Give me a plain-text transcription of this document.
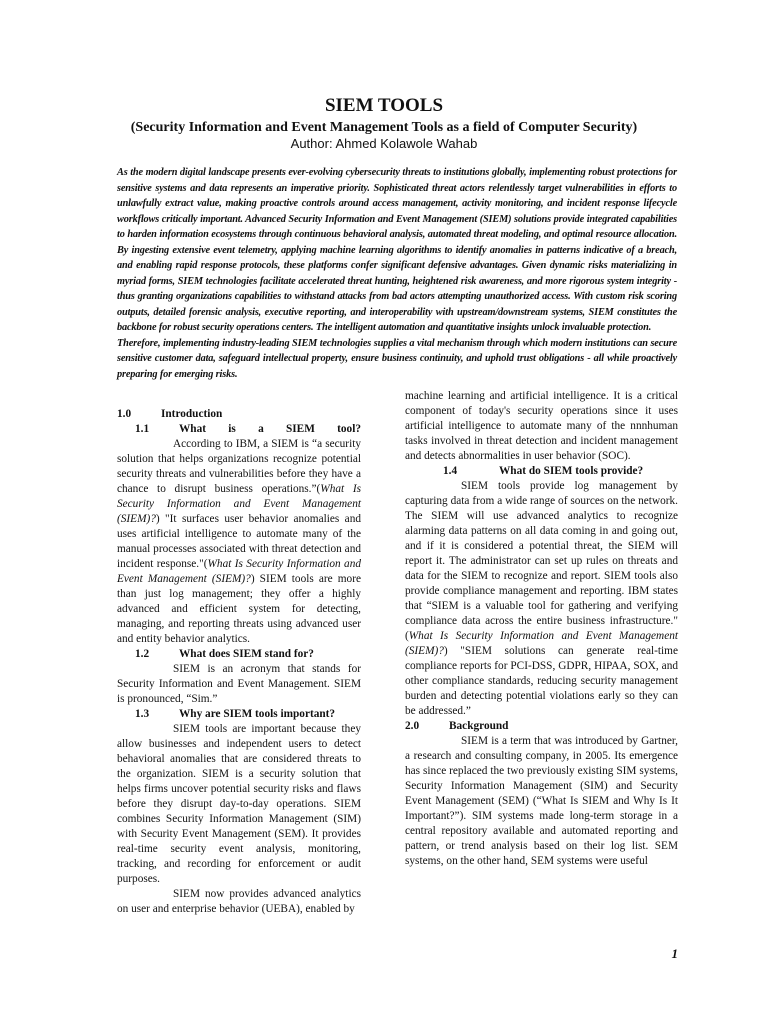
SIEM TOOLS
(Security Information and Event Management Tools as a field of Computer Security)
Author: Ahmed Kolawole Wahab

As the modern digital landscape presents ever-evolving cybersecurity threats to institutions globally, implementing robust protections for sensitive systems and data represents an imperative priority. Sophisticated threat actors relentlessly target vulnerabilities in efforts to unlawfully extract value, making proactive controls around access management, activity monitoring, and incident response lifecycle workflows critically important. Advanced Security Information and Event Management (SIEM) solutions provide integrated capabilities to harden information ecosystems through continuous behavioral analysis, automated threat modeling, and optimal resource allocation. By ingesting extensive event telemetry, applying machine learning algorithms to identify anomalies in patterns indicative of a breach, and enabling rapid response protocols, these platforms confer significant defensive advantages. Given dynamic risks materializing in myriad forms, SIEM technologies facilitate accelerated threat hunting, heightened risk awareness, and more rigorous system integrity - thus granting organizations capabilities to withstand attacks from bad actors attempting unauthorized access. With custom risk scoring outputs, detailed forensic analysis, executive reporting, and interoperability with upstream/downstream systems, SIEM constitutes the backbone for robust security operations centers. The intelligent automation and quantitative insights unlock invaluable protection.

Therefore, implementing industry-leading SIEM technologies supplies a vital mechanism through which modern institutions can secure sensitive customer data, safeguard intellectual property, ensure business continuity, and uphold trust obligations - all while proactively preparing for emerging risks.

1.0	Introduction
1.1	What is a SIEM tool?

According to IBM, a SIEM is “a security solution that helps organizations recognize potential security threats and vulnerabilities before they have a chance to disrupt business operations.”(What Is Security Information and Event Management (SIEM)?) "It surfaces user behavior anomalies and uses artificial intelligence to automate many of the manual processes associated with threat detection and incident response."(What Is Security Information and Event Management (SIEM)?) SIEM tools are more than just log management; they offer a highly advanced and efficient system for detecting, managing, and reporting threats using advanced user and entity behavior analytics.

1.2	What does SIEM stand for?

SIEM is an acronym that stands for Security Information and Event Management. SIEM is pronounced, “Sim.”

1.3	Why are SIEM tools important?

SIEM tools are important because they allow businesses and independent users to detect behavioral anomalies that are considered threats to the organization. SIEM is a security solution that helps firms uncover potential security risks and flaws before they disrupt day-to-day operations. SIEM combines Security Information Management (SIM) with Security Event Management (SEM). It provides real-time security event analysis, monitoring, tracking, and recording for enforcement or audit purposes.

SIEM now provides advanced analytics on user and enterprise behavior (UEBA), enabled by

machine learning and artificial intelligence. It is a critical component of today's security operations since it uses artificial intelligence to automate many of the nnnhuman tasks involved in threat detection and incident management and detects abnormalities in user behavior (SOC).

1.4	What do SIEM tools provide?

SIEM tools provide log management by capturing data from a wide range of sources on the network. The SIEM will use advanced analytics to recognize alarming data patterns on all data coming in and going out, and if it is considered a potential threat, the SIEM will report it. The administrator can set up rules on threats and data for the SIEM to recognize and report. SIEM tools also provide compliance management and reporting. IBM states that “SIEM is a valuable tool for gathering and verifying compliance data across the entire business infrastructure."(What Is Security Information and Event Management (SIEM)?) "SIEM solutions can generate real-time compliance reports for PCI-DSS, GDPR, HIPAA, SOX, and other compliance standards, reducing security management burden and detecting potential violations early so they can be addressed.”

2.0	Background

SIEM is a term that was introduced by Gartner, a research and consulting company, in 2005. Its emergence has since replaced the two previously existing SIM systems, Security Information Management (SIM) and Security Event Management (SEM) (“What Is SIEM and Why Is It Important?”). SIM systems made long-term storage in a central repository available and automated reporting and pattern, or trend analysis based on their log list. SEM systems, on the other hand, SEM systems were useful

1
